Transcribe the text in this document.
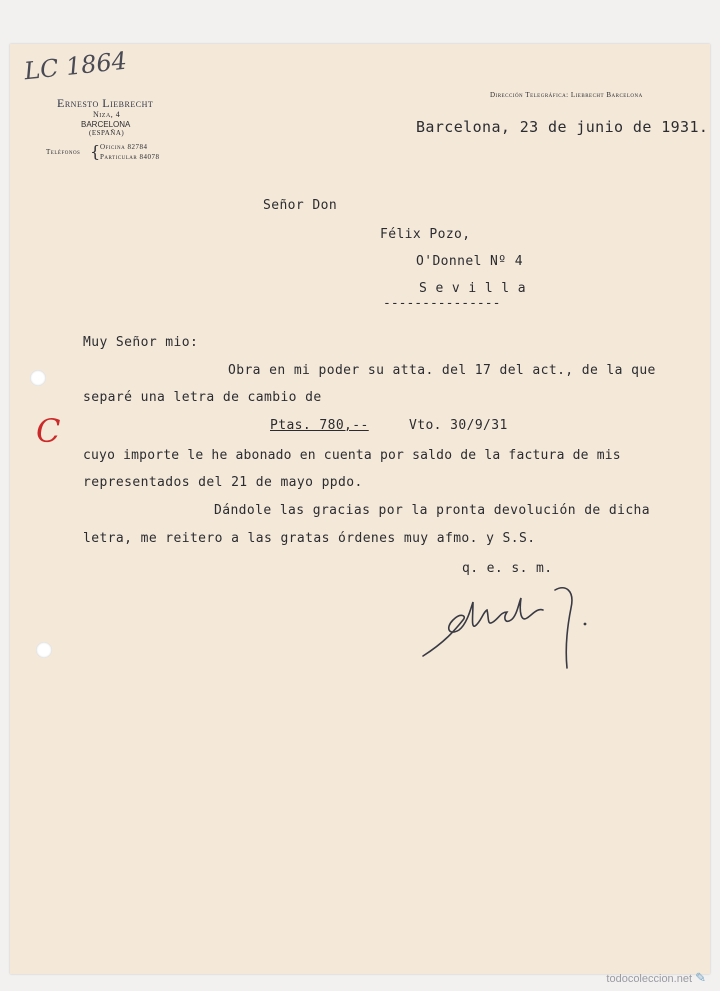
LC 1864
Ernesto Liebrecht
Niza, 4
BARCELONA
(ESPAÑA)
Teléfonos { Oficina 82784
Particular 84078
Dirección Telegráfica: Liebrecht Barcelona
Barcelona, 23 de junio de 1931.
Señor Don
Félix Pozo,
O'Donnel Nº 4
S e v i l l a
---------------
Muy Señor mio:
Obra en mi poder su atta. del 17 del act., de la que
separé una letra de cambio de
C	Ptas. 780,--	Vto. 30/9/31
cuyo importe le he abonado en cuenta por saldo de la factura de mis
representados del 21 de mayo ppdo.
Dándole las gracias por la pronta devolución de dicha
letra, me reitero a las gratas órdenes muy afmo. y S.S.
q. e. s. m.
todocoleccion.net ✎
